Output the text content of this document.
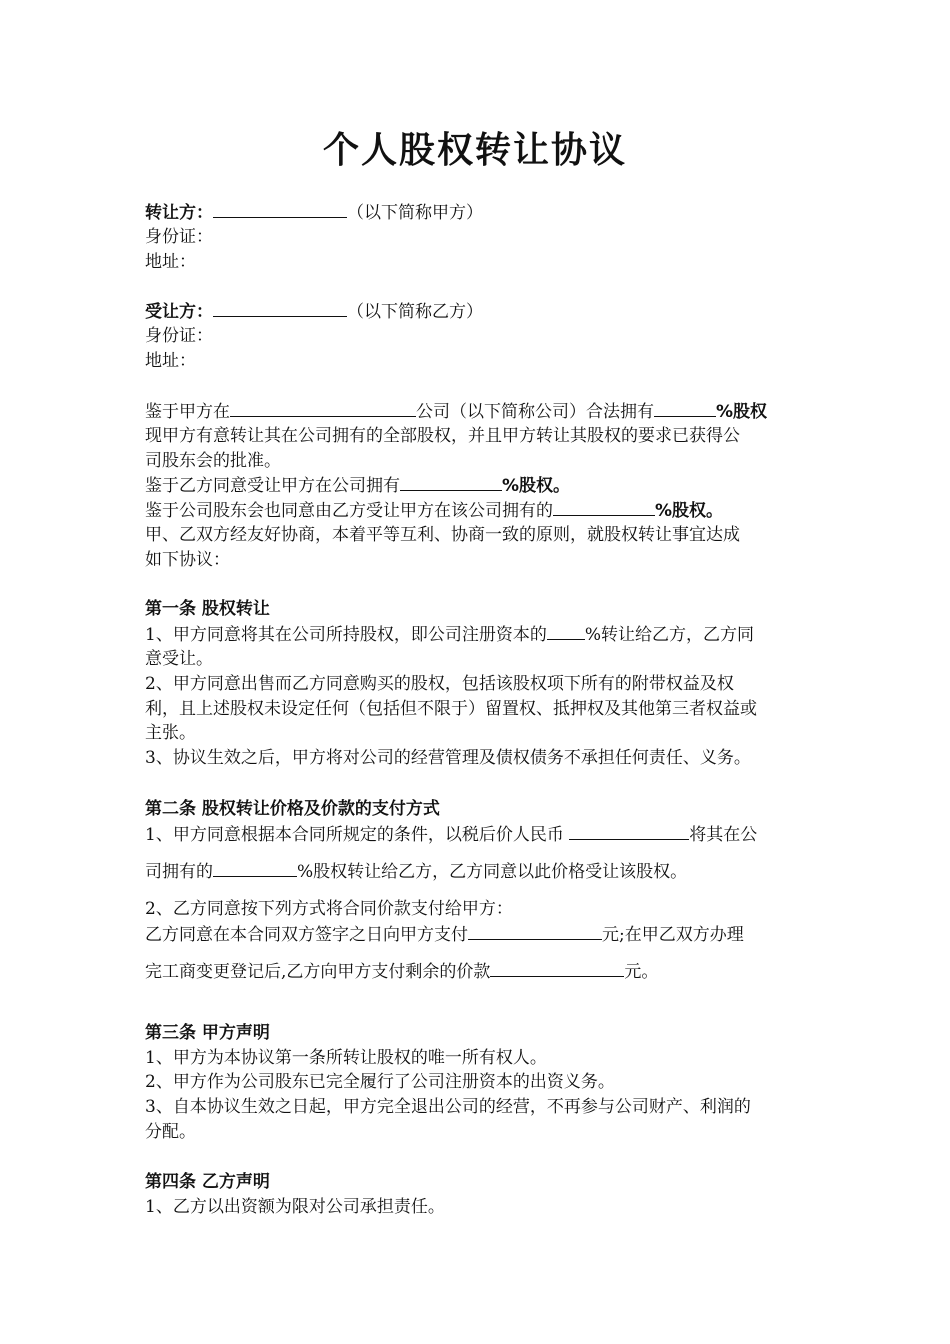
个人股权转让协议

转让方：	（以下简称甲方）

身份证：

地址：

受让方：	（以下简称乙方）

身份证：

地址：

鉴于甲方在	公司（以下简称公司）合法拥有	%股权

现甲方有意转让其在公司拥有的全部股权，并且甲方转让其股权的要求已获得公

司股东会的批准。

鉴于乙方同意受让甲方在公司拥有	%股权。

鉴于公司股东会也同意由乙方受让甲方在该公司拥有的	%股权。

甲、乙双方经友好协商，本着平等互利、协商一致的原则，就股权转让事宜达成

如下协议：

第一条 股权转让

1、甲方同意将其在公司所持股权，即公司注册资本的 %转让给乙方，乙方同

意受让。

2、甲方同意出售而乙方同意购买的股权，包括该股权项下所有的附带权益及权

利，且上述股权未设定任何（包括但不限于）留置权、抵押权及其他第三者权益或

主张。

3、协议生效之后，甲方将对公司的经营管理及债权债务不承担任何责任、义务。

第二条 股权转让价格及价款的支付方式

1、甲方同意根据本合同所规定的条件，以税后价人民币	将其在公

司拥有的	%股权转让给乙方，乙方同意以此价格受让该股权。

2、乙方同意按下列方式将合同价款支付给甲方：

乙方同意在本合同双方签字之日向甲方支付	元;在甲乙双方办理

完工商变更登记后,乙方向甲方支付剩余的价款	元。

第三条 甲方声明

1、甲方为本协议第一条所转让股权的唯一所有权人。

2、甲方作为公司股东已完全履行了公司注册资本的出资义务。

3、自本协议生效之日起，甲方完全退出公司的经营，不再参与公司财产、利润的

分配。

第四条 乙方声明

1、乙方以出资额为限对公司承担责任。
